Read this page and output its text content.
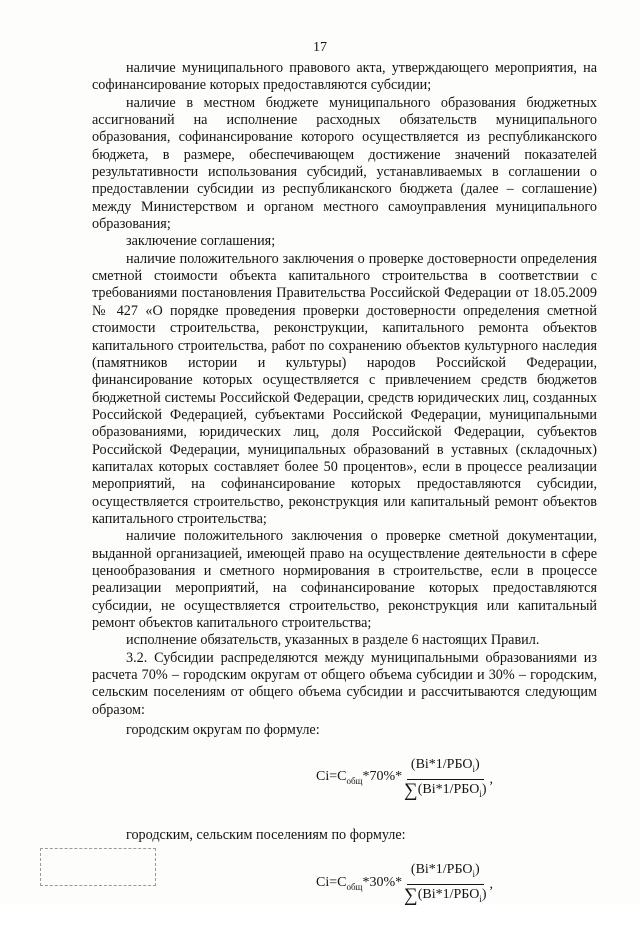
17

наличие муниципального правового акта, утверждающего мероприятия, на софинансирование которых предоставляются субсидии;

наличие в местном бюджете муниципального образования бюджетных ассигнований на исполнение расходных обязательств муниципального образования, софинансирование которого осуществляется из республиканского бюджета, в размере, обеспечивающем достижение значений показателей результативности использования субсидий, устанавливаемых в соглашении о предоставлении субсидии из республиканского бюджета (далее – соглашение) между Министерством и органом местного самоуправления муниципального образования;

заключение соглашения;

наличие положительного заключения о проверке достоверности определения сметной стоимости объекта капитального строительства в соответствии с требованиями постановления Правительства Российской Федерации от 18.05.2009 № 427 «О порядке проведения проверки достоверности определения сметной стоимости строительства, реконструкции, капитального ремонта объектов капитального строительства, работ по сохранению объектов культурного наследия (памятников истории и культуры) народов Российской Федерации, финансирование которых осуществляется с привлечением средств бюджетов бюджетной системы Российской Федерации, средств юридических лиц, созданных Российской Федерацией, субъектами Российской Федерации, муниципальными образованиями, юридических лиц, доля Российской Федерации, субъектов Российской Федерации, муниципальных образований в уставных (складочных) капиталах которых составляет более 50 процентов», если в процессе реализации мероприятий, на софинансирование которых предоставляются субсидии, осуществляется строительство, реконструкция или капитальный ремонт объектов капитального строительства;

наличие положительного заключения о проверке сметной документации, выданной организацией, имеющей право на осуществление деятельности в сфере ценообразования и сметного нормирования в строительстве, если в процессе реализации мероприятий, на софинансирование которых предоставляются субсидии, не осуществляется строительство, реконструкция или капитальный ремонт объектов капитального строительства;

исполнение обязательств, указанных в разделе 6 настоящих Правил.

3.2. Субсидии распределяются между муниципальными образованиями из расчета 70% – городским округам от общего объема субсидии и 30% – городским, сельским поселениям от общего объема субсидии и рассчитываются следующим образом:

городским округам по формуле:

$Ci=C_{общ}*70\%* \frac{(Bi*1/РБО_i)}{\sum(Bi*1/РБО_i)}$ ,

городским, сельским поселениям по формуле:

$Ci=C_{общ}*30\%* \frac{(Bi*1/РБО_i)}{\sum(Bi*1/РБО_i)}$ ,
